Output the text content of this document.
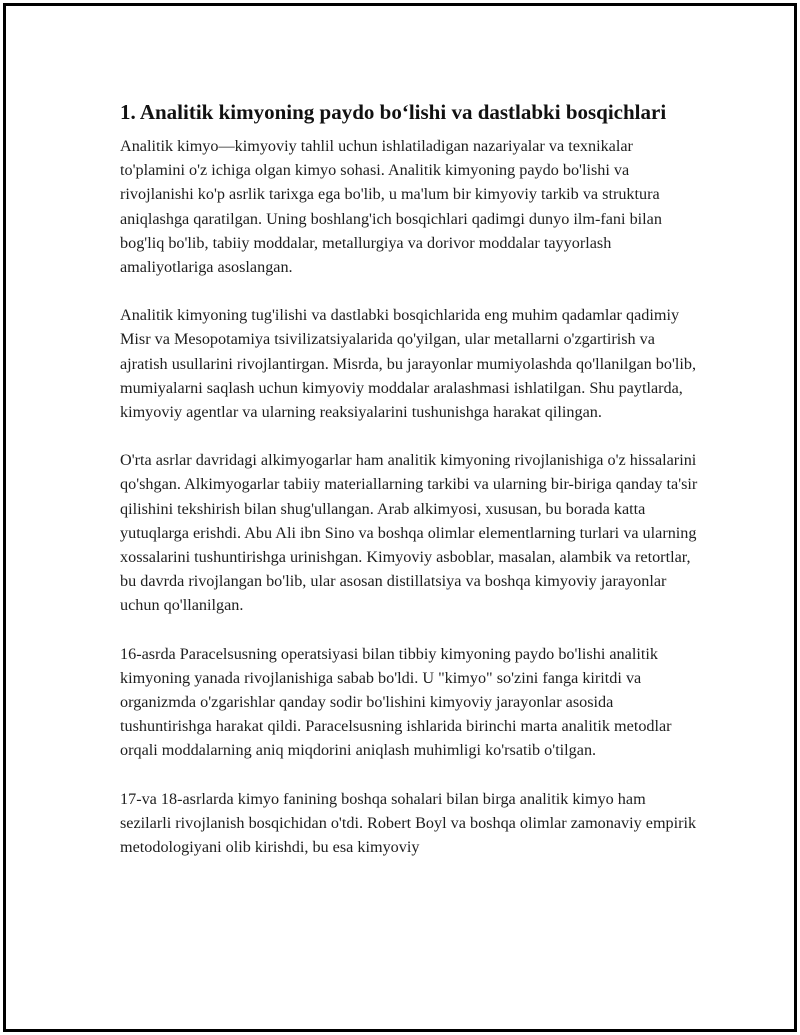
1. Analitik kimyoning paydo bo‘lishi va dastlabki bosqichlari

Analitik kimyo—kimyoviy tahlil uchun ishlatiladigan nazariyalar va texnikalar to'plamini o'z ichiga olgan kimyo sohasi. Analitik kimyoning paydo bo'lishi va rivojlanishi ko'p asrlik tarixga ega bo'lib, u ma'lum bir kimyoviy tarkib va struktura aniqlashga qaratilgan. Uning boshlang'ich bosqichlari qadimgi dunyo ilm-fani bilan bog'liq bo'lib, tabiiy moddalar, metallurgiya va dorivor moddalar tayyorlash amaliyotlariga asoslangan.

Analitik kimyoning tug'ilishi va dastlabki bosqichlarida eng muhim qadamlar qadimiy Misr va Mesopotamiya tsivilizatsiyalarida qo'yilgan, ular metallarni o'zgartirish va ajratish usullarini rivojlantirgan. Misrda, bu jarayonlar mumiyolashda qo'llanilgan bo'lib, mumiyalarni saqlash uchun kimyoviy moddalar aralashmasi ishlatilgan. Shu paytlarda, kimyoviy agentlar va ularning reaksiyalarini tushunishga harakat qilingan.

O'rta asrlar davridagi alkimyogarlar ham analitik kimyoning rivojlanishiga o'z hissalarini qo'shgan. Alkimyogarlar tabiiy materiallarning tarkibi va ularning bir-biriga qanday ta'sir qilishini tekshirish bilan shug'ullangan. Arab alkimyosi, xususan, bu borada katta yutuqlarga erishdi. Abu Ali ibn Sino va boshqa olimlar elementlarning turlari va ularning xossalarini tushuntirishga urinishgan. Kimyoviy asboblar, masalan, alambik va retortlar, bu davrda rivojlangan bo'lib, ular asosan distillatsiya va boshqa kimyoviy jarayonlar uchun qo'llanilgan.

16-asrda Paracelsusning operatsiyasi bilan tibbiy kimyoning paydo bo'lishi analitik kimyoning yanada rivojlanishiga sabab bo'ldi. U "kimyo" so'zini fanga kiritdi va organizmda o'zgarishlar qanday sodir bo'lishini kimyoviy jarayonlar asosida tushuntirishga harakat qildi. Paracelsusning ishlarida birinchi marta analitik metodlar orqali moddalarning aniq miqdorini aniqlash muhimligi ko'rsatib o'tilgan.

17-va 18-asrlarda kimyo fanining boshqa sohalari bilan birga analitik kimyo ham sezilarli rivojlanish bosqichidan o'tdi. Robert Boyl va boshqa olimlar zamonaviy empirik metodologiyani olib kirishdi, bu esa kimyoviy
